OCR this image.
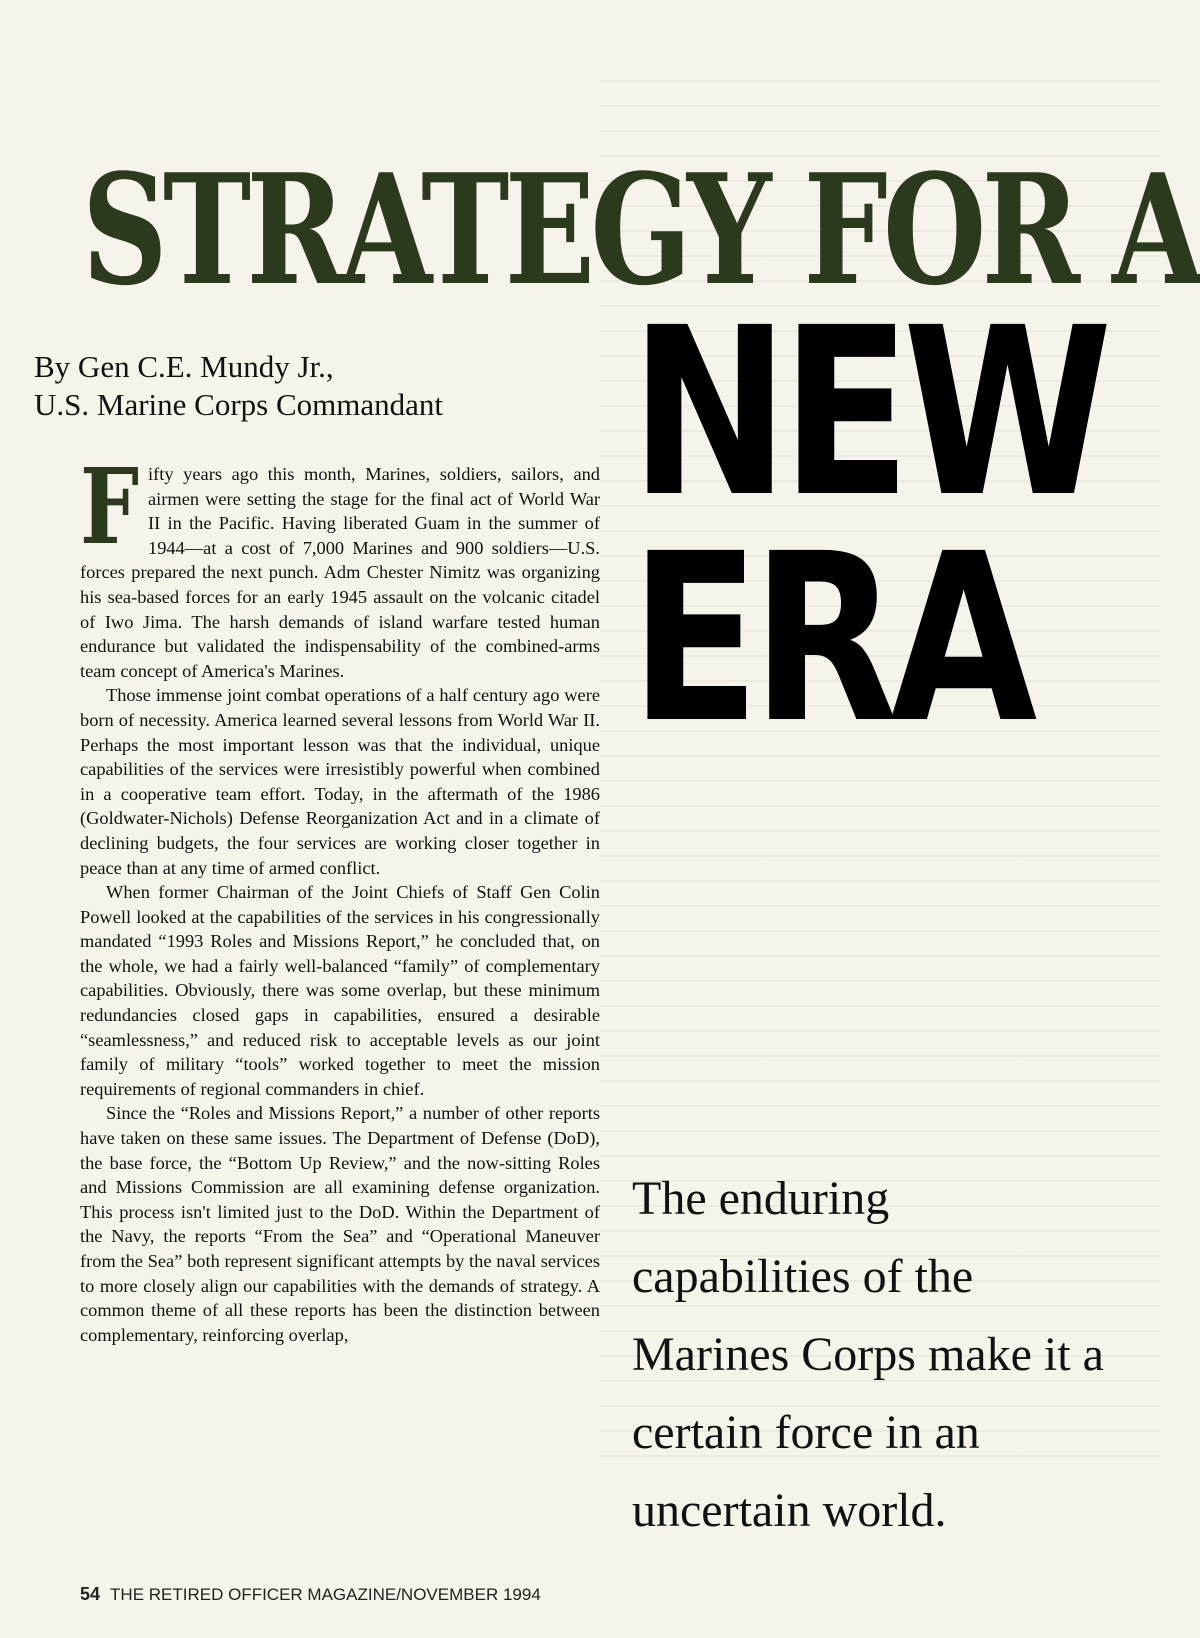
STRATEGY FOR A
NEW
ERA
By Gen C.E. Mundy Jr.,
U.S. Marine Corps Commandant

Fifty years ago this month, Marines, soldiers, sailors, and airmen were setting the stage for the final act of World War II in the Pacific. Having liberated Guam in the summer of 1944—at a cost of 7,000 Marines and 900 soldiers—U.S. forces prepared the next punch. Adm Chester Nimitz was organizing his sea-based forces for an early 1945 assault on the volcanic citadel of Iwo Jima. The harsh demands of island warfare tested human endurance but validated the indispensability of the combined-arms team concept of America's Marines.

Those immense joint combat operations of a half century ago were born of necessity. America learned several lessons from World War II. Perhaps the most important lesson was that the individual, unique capabilities of the services were irresistibly powerful when combined in a cooperative team effort. Today, in the aftermath of the 1986 (Goldwater-Nichols) Defense Reorganization Act and in a climate of declining budgets, the four services are working closer together in peace than at any time of armed conflict.

When former Chairman of the Joint Chiefs of Staff Gen Colin Powell looked at the capabilities of the services in his congressionally mandated “1993 Roles and Missions Report,” he concluded that, on the whole, we had a fairly well-balanced “family” of complementary capabilities. Obviously, there was some overlap, but these minimum redundancies closed gaps in capabilities, ensured a desirable “seamlessness,” and reduced risk to acceptable levels as our joint family of military “tools” worked together to meet the mission requirements of regional commanders in chief.

Since the “Roles and Missions Report,” a number of other reports have taken on these same issues. The Department of Defense (DoD), the base force, the “Bottom Up Review,” and the now-sitting Roles and Missions Commission are all examining defense organization. This process isn't limited just to the DoD. Within the Department of the Navy, the reports “From the Sea” and “Operational Maneuver from the Sea” both represent significant attempts by the naval services to more closely align our capabilities with the demands of strategy. A common theme of all these reports has been the distinction between complementary, reinforcing overlap,

The enduring
capabilities of the
Marines Corps make it a
certain force in an
uncertain world.
54 THE RETIRED OFFICER MAGAZINE/NOVEMBER 1994
